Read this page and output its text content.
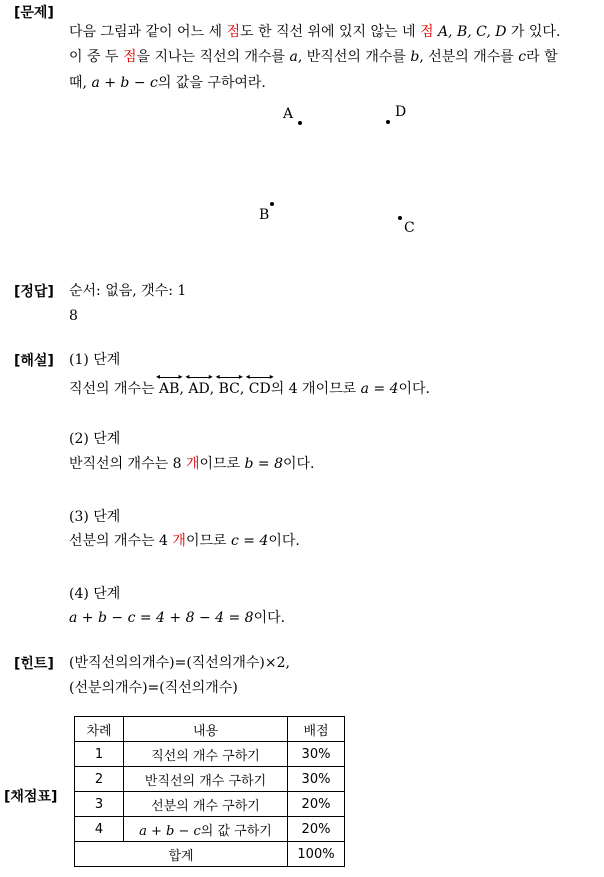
[문제]
다음 그림과 같이 어느 세 점도 한 직선 위에 있지 않는 네 점 A, B, C, D 가 있다.
이 중 두 점을 지나는 직선의 개수를 a, 반직선의 개수를 b, 선분의 개수를 c라 할
때, a + b − c의 값을 구하여라.
A	D
B
C
[정답] 순서: 없음, 갯수: 1
8
[해설] (1) 단계
직선의 개수는
◂
AB
▸
,
◂
AD
▸
,
◂
BC
▸
,
◂
CD
▸
의 4 개이므로 a = 4이다.
(2) 단계
반직선의 개수는 8 개이므로 b = 8이다.
(3) 단계
선분의 개수는 4 개이므로 c = 4이다.
(4) 단계
a + b − c = 4 + 8 − 4 = 8이다.
[힌트] (반직선의의개수)=(직선의개수)×2,
(선분의개수)=(직선의개수)
[채점표]
차례	내용	배점
1	직선의 개수 구하기	30%
2	반직선의 개수 구하기	30%
3	선분의 개수 구하기	20%
4	a + b − c의 값 구하기	20%
합계		100%
